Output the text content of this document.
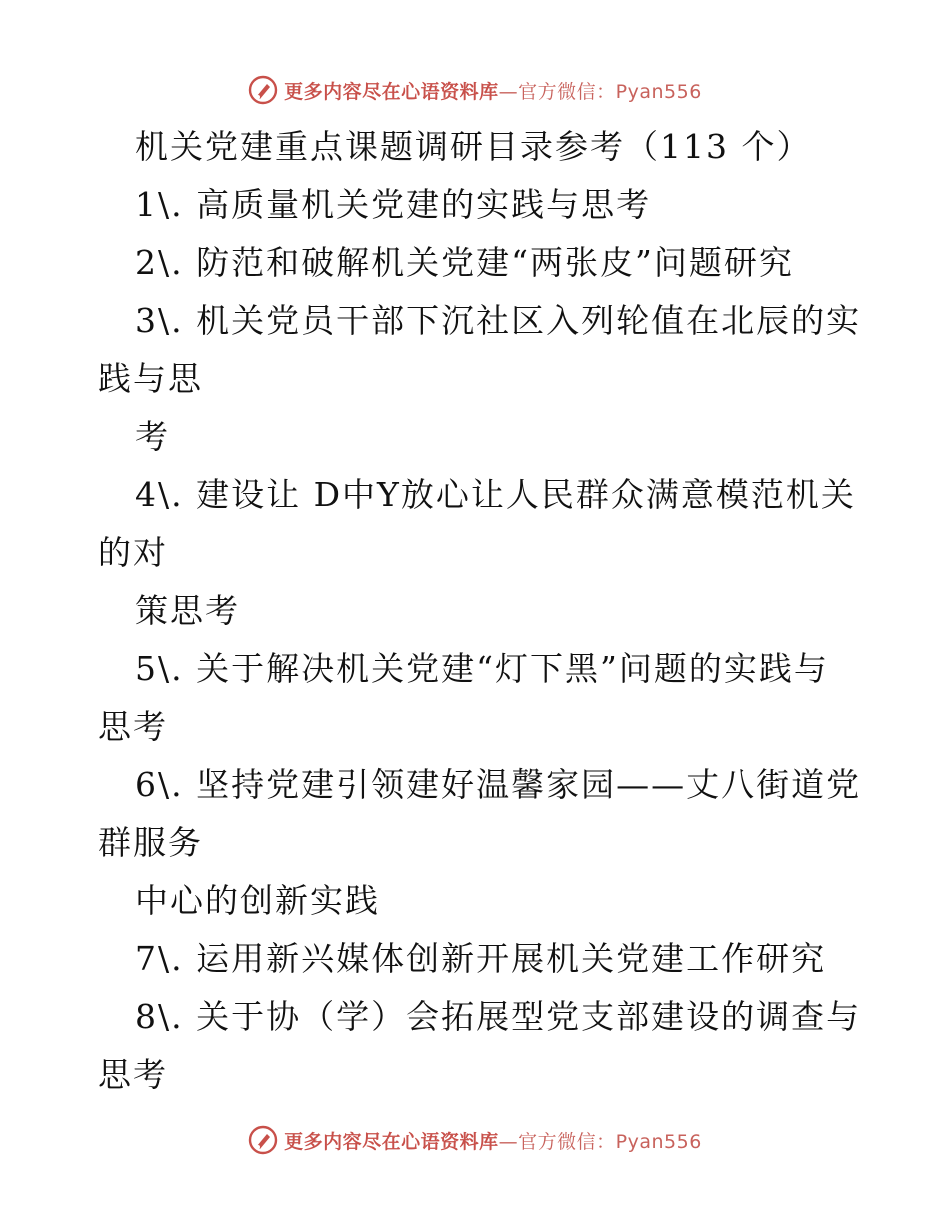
更多内容尽在心语资料库—官方微信：Pyan556
机关党建重点课题调研目录参考（113 个）
1\. 高质量机关党建的实践与思考
2\. 防范和破解机关党建“两张皮”问题研究
3\. 机关党员干部下沉社区入列轮值在北辰的实
践与思
考
4\. 建设让 D中Y放心让人民群众满意模范机关
的对
策思考
5\. 关于解决机关党建“灯下黑”问题的实践与
思考
6\. 坚持党建引领建好温馨家园——丈八街道党
群服务
中心的创新实践
7\. 运用新兴媒体创新开展机关党建工作研究
8\. 关于协（学）会拓展型党支部建设的调查与
思考
更多内容尽在心语资料库—官方微信：Pyan556
